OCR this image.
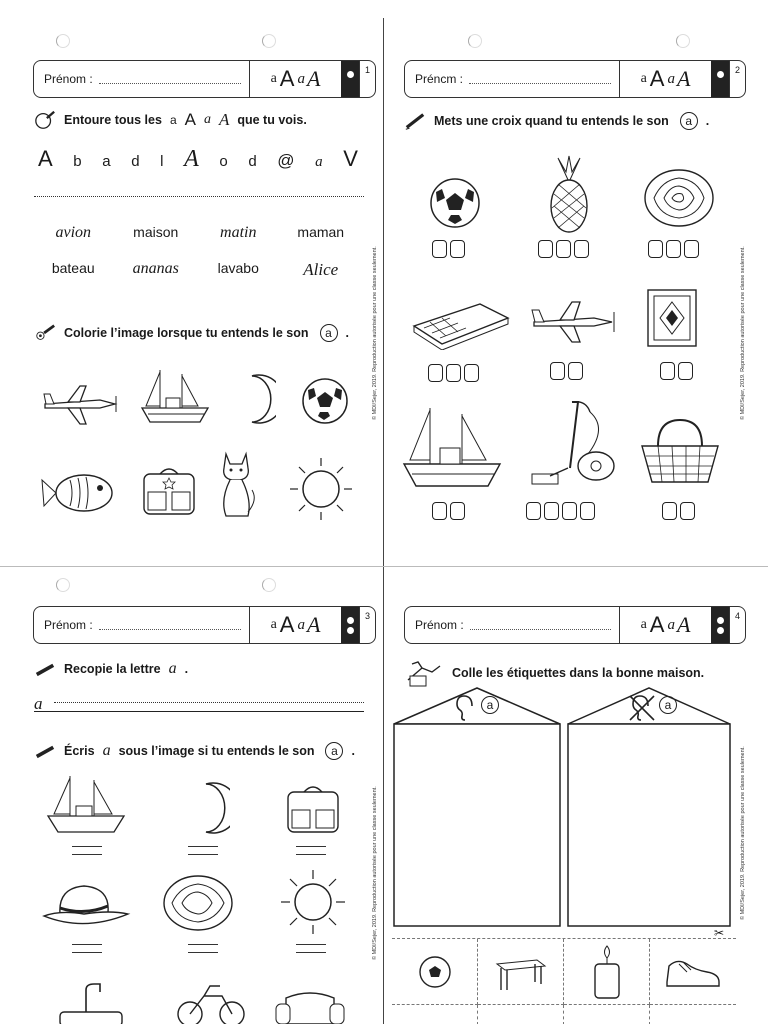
Prénom :	a A a A	1
Entoure tous les a A a A que tu vois.
A b a d l A o d @ a V
avion	maison	matin	maman
bateau	ananas	lavabo	Alice
Colorie l’image lorsque tu entends le son	a	.	© MDI/Sejer, 2019. Reproduction autorisée pour une classe seulement.
Préncm :	a A a A	2
Mets une croix quand tu entends le son	a	.
© MDI/Sejer, 2019. Reproduction autorisée pour une classe seulement.
Prénom :	a A a A	3
Recopie la lettre a .
a
Écris a sous l’image si tu entends le son	a	.
© MDI/Sejer, 2019. Reproduction autorisée pour une classe seulement.
Prénom :	a A a A	4
Colle les étiquettes dans la bonne maison.
a	a
✂
© MDI/Sejer, 2019. Reproduction autorisée pour une classe seulement.
